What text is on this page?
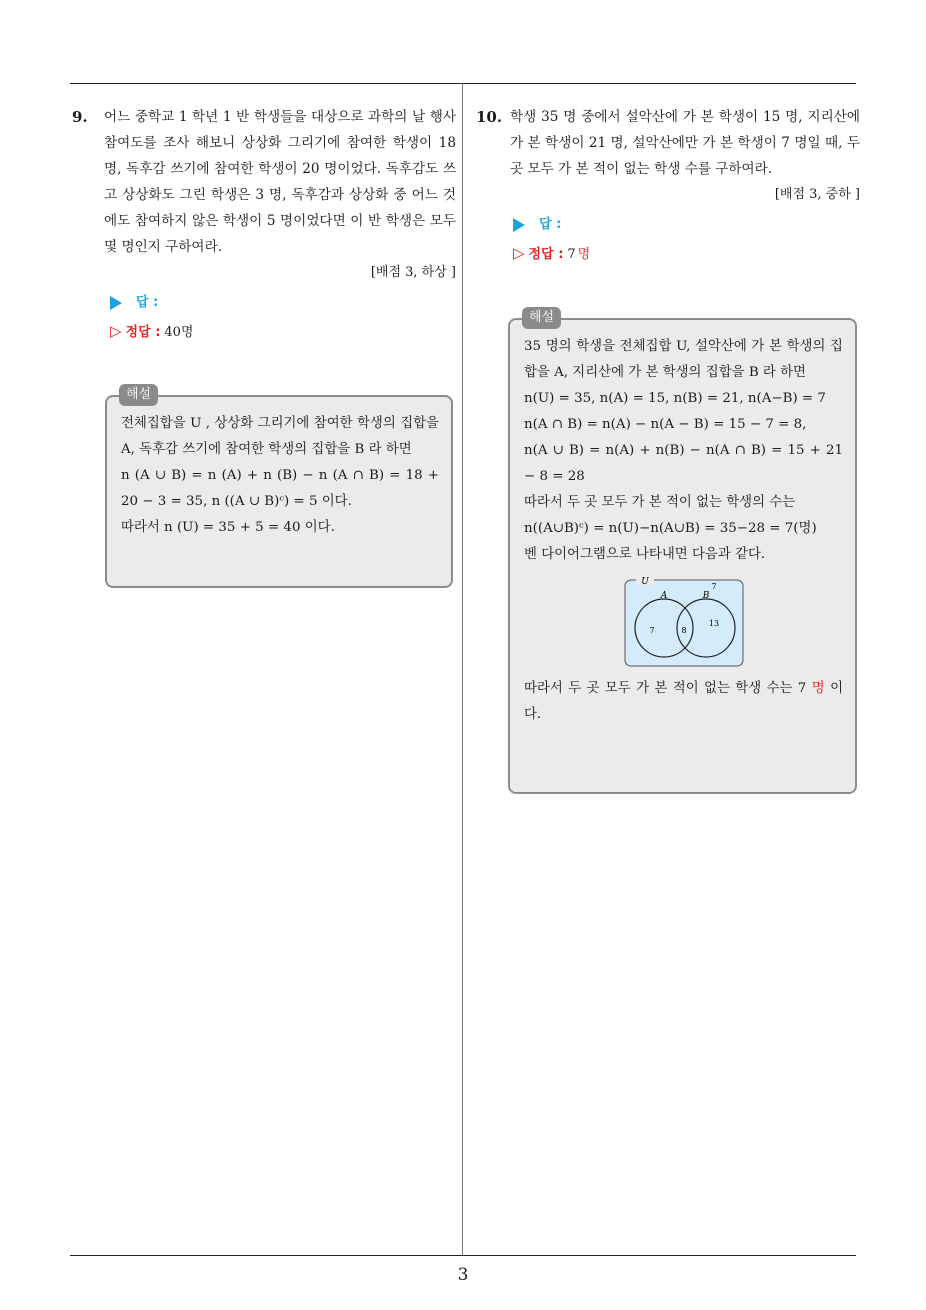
9. 어느 중학교 1 학년 1 반 학생들을 대상으로 과학의 날 행사 참여도를 조사 해보니 상상화 그리기에 참여한 학생이 18 명, 독후감 쓰기에 참여한 학생이 20 명이었다. 독후감도 쓰고 상상화도 그린 학생은 3 명, 독후감과 상상화 중 어느 것에도 참여하지 않은 학생이 5 명이었다면 이 반 학생은 모두 몇 명인지 구하여라.

[배점 3, 하상 ]

답 :
▷ 정답 : 40명
해설

전체집합을 U , 상상화 그리기에 참여한 학생의 집합을 A, 독후감 쓰기에 참여한 학생의 집합을 B 라 하면

n (A ∪ B) = n (A) + n (B) − n (A ∩ B) = 18 + 20 − 3 = 35, n ((A ∪ B)ᶜ) = 5 이다.

따라서 n (U) = 35 + 5 = 40 이다.

10. 학생 35 명 중에서 설악산에 가 본 학생이 15 명, 지리산에 가 본 학생이 21 명, 설악산에만 가 본 학생이 7 명일 때, 두 곳 모두 가 본 적이 없는 학생 수를 구하여라.

[배점 3, 중하 ]

답 :
▷ 정답 : 7 명
해설

35 명의 학생을 전체집합 U, 설악산에 가 본 학생의 집합을 A, 지리산에 가 본 학생의 집합을 B 라 하면

n(U) = 35, n(A) = 15, n(B) = 21, n(A−B) = 7

n(A ∩ B) = n(A) − n(A − B) = 15 − 7 = 8,

n(A ∪ B) = n(A) + n(B) − n(A ∩ B) = 15 + 21 − 8 = 28

따라서 두 곳 모두 가 본 적이 없는 학생의 수는

n((A∪B)ᶜ) = n(U)−n(A∪B) = 35−28 = 7(명)

벤 다이어그램으로 나타내면 다음과 같다.

U
A	B
7
7	8
13

따라서 두 곳 모두 가 본 적이 없는 학생 수는 7 명 이다.

3
